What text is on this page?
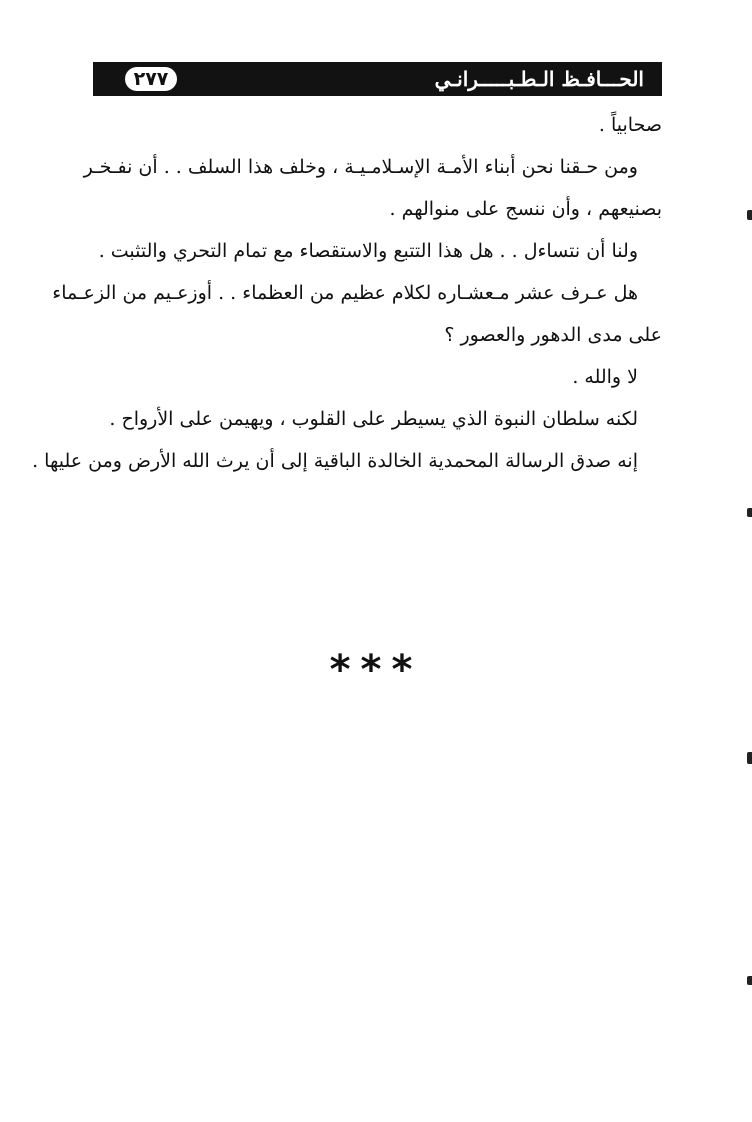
٢٧٧	الحـــافـظ الـطـبـــــرانـي
صحابياً .
ومن حـقنا نحن أبناء الأمـة الإسـلامـيـة ، وخلف هذا السلف . . أن نفـخـر
بصنيعهم ، وأن ننسج على منوالهم .
ولنا أن نتساءل . . هل هذا التتبع والاستقصاء مع تمام التحري والتثبت .
هل عـرف عشر مـعشـاره لكلام عظيم من العظماء . . أوزعـيم من الزعـماء
على مدى الدهور والعصور ؟
لا والله .
لكنه سلطان النبوة الذي يسيطر على القلوب ، ويهيمن على الأرواح .
إنه صدق الرسالة المحمدية الخالدة الباقية إلى أن يرث الله الأرض ومن عليها .
***
